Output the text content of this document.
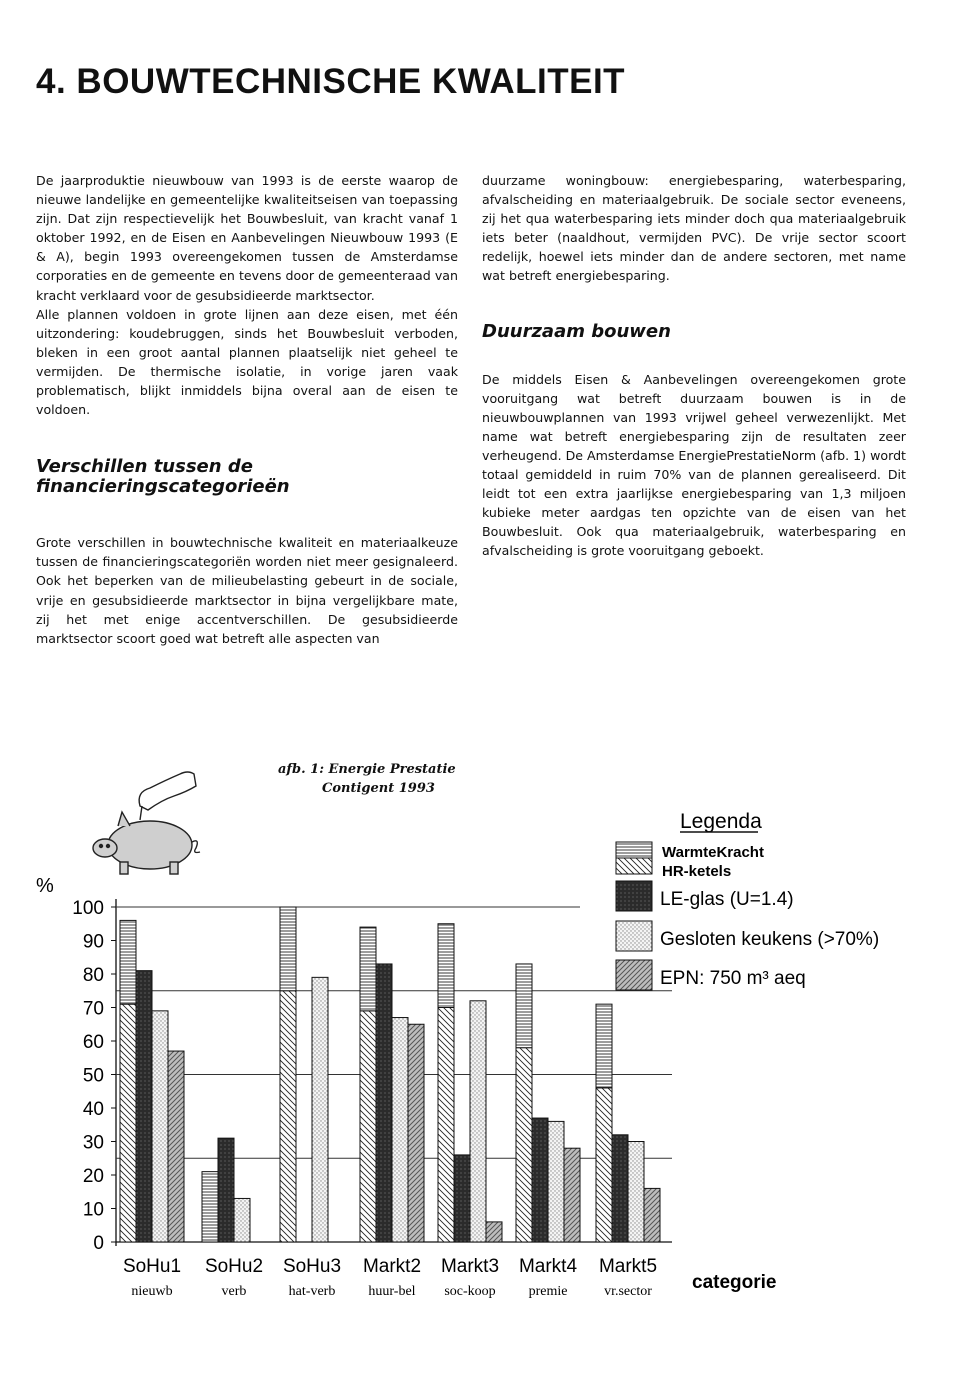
4. BOUWTECHNISCHE KWALITEIT

De jaarproduktie nieuwbouw van 1993 is de eerste waarop de nieuwe landelijke en gemeentelijke kwaliteitseisen van toepassing zijn. Dat zijn respectievelijk het Bouwbesluit, van kracht vanaf 1 oktober 1992, en de Eisen en Aanbevelingen Nieuwbouw 1993 (E & A), begin 1993 overeengekomen tussen de Amsterdamse corporaties en de gemeente en tevens door de gemeenteraad van kracht verklaard voor de gesubsidieerde marktsector.

Alle plannen voldoen in grote lijnen aan deze eisen, met één uitzondering: koudebruggen, sinds het Bouwbesluit verboden, bleken in een groot aantal plannen plaatselijk niet geheel te vermijden. De thermische isolatie, in vorige jaren vaak problematisch, blijkt inmiddels bijna overal aan de eisen te voldoen.

Verschillen tussen de financieringscategorieën

Grote verschillen in bouwtechnische kwaliteit en materiaalkeuze tussen de financieringscategoriën worden niet meer gesignaleerd. Ook het beperken van de milieubelasting gebeurt in de sociale, vrije en gesubsidieerde marktsector in bijna vergelijkbare mate, zij het met enige accentverschillen. De gesubsidieerde marktsector scoort goed wat betreft alle aspecten van

duurzame woningbouw: energiebesparing, waterbesparing, afvalscheiding en materiaalgebruik. De sociale sector eveneens, zij het qua waterbesparing iets minder doch qua materiaalgebruik iets beter (naaldhout, vermijden PVC). De vrije sector scoort redelijk, hoewel iets minder dan de andere sectoren, met name wat betreft energiebesparing.

Duurzaam bouwen

De middels Eisen & Aanbevelingen overeengekomen grote vooruitgang wat betreft duurzaam bouwen is in de nieuwbouwplannen van 1993 vrijwel geheel verwezenlijkt. Met name wat betreft energiebesparing zijn de resultaten zeer verheugend. De Amsterdamse EnergiePrestatieNorm (afb. 1) wordt totaal gemiddeld in ruim 70% van de plannen gerealiseerd. Dit leidt tot een extra jaarlijkse energiebesparing van 1,3 miljoen kubieke meter aardgas ten opzichte van de eisen van het Bouwbesluit. Ook qua materiaalgebruik, waterbesparing en afvalscheiding is grote vooruitgang geboekt.

afb. 1: Energie Prestatie
Contigent 1993
%
0
10
20
30
40
50
60
70
80
90
100
SoHu1
nieuwb
SoHu2
verb
SoHu3
hat-verb
Markt2
huur-bel
Markt3
soc-koop
Markt4
premie
Markt5
vr.sector categorie
Legenda
WarmteKracht
HR-ketels
LE-glas (U=1.4)
Gesloten keukens (>70%)
EPN: 750 m³ aeq
